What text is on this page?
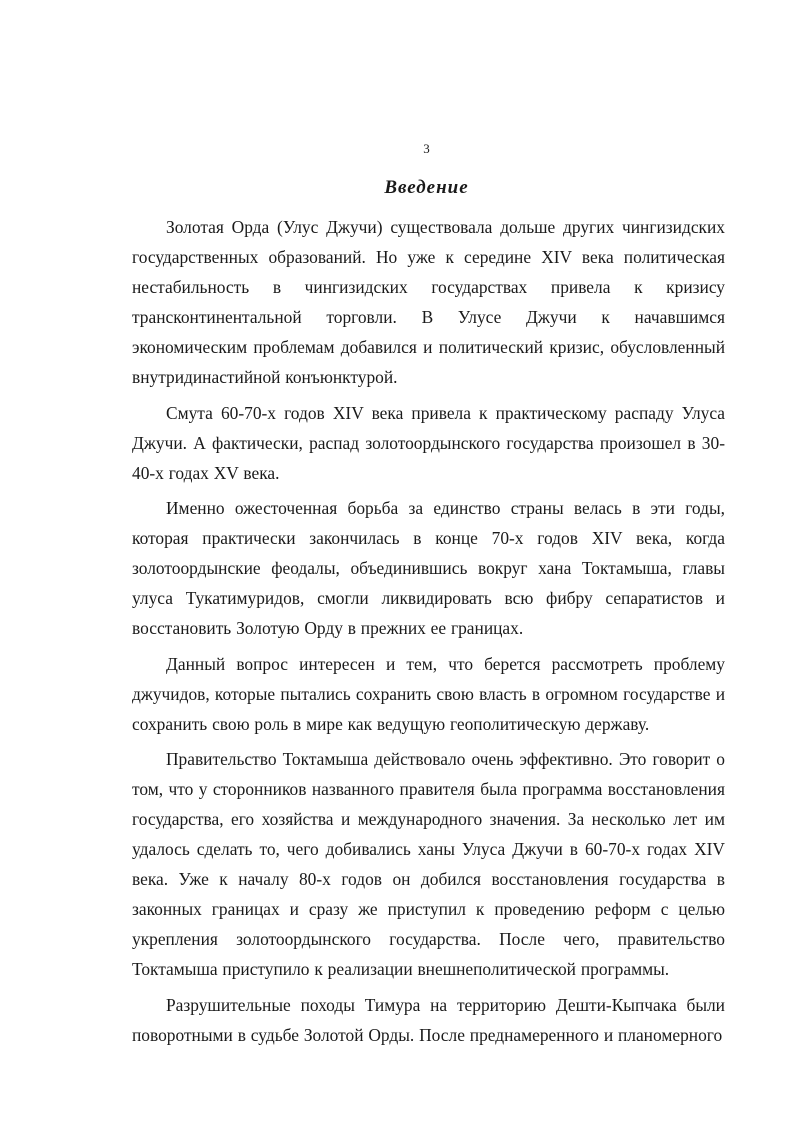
3
Введение

Золотая Орда (Улус Джучи) существовала дольше других чингизидских государственных образований. Но уже к середине XIV века политическая нестабильность в чингизидских государствах привела к кризису трансконтинентальной торговли. В Улусе Джучи к начавшимся экономическим проблемам добавился и политический кризис, обусловленный внутридинастийной конъюнктурой.

Смута 60-70-х годов XIV века привела к практическому распаду Улуса Джучи. А фактически, распад золотоордынского государства произошел в 30-40-х годах XV века.

Именно ожесточенная борьба за единство страны велась в эти годы, которая практически закончилась в конце 70-х годов XIV века, когда золотоордынские феодалы, объединившись вокруг хана Токтамыша, главы улуса Тукатимуридов, смогли ликвидировать всю фибру сепаратистов и восстановить Золотую Орду в прежних ее границах.

Данный вопрос интересен и тем, что берется рассмотреть проблему джучидов, которые пытались сохранить свою власть в огромном государстве и сохранить свою роль в мире как ведущую геополитическую державу.

Правительство Токтамыша действовало очень эффективно. Это говорит о том, что у сторонников названного правителя была программа восстановления государства, его хозяйства и международного значения. За несколько лет им удалось сделать то, чего добивались ханы Улуса Джучи в 60-70-х годах XIV века. Уже к началу 80-х годов он добился восстановления государства в законных границах и сразу же приступил к проведению реформ с целью укрепления золотоордынского государства. После чего, правительство Токтамыша приступило к реализации внешнеполитической программы.

Разрушительные походы Тимура на территорию Дешти-Кыпчака были поворотными в судьбе Золотой Орды. После преднамеренного и планомерного
